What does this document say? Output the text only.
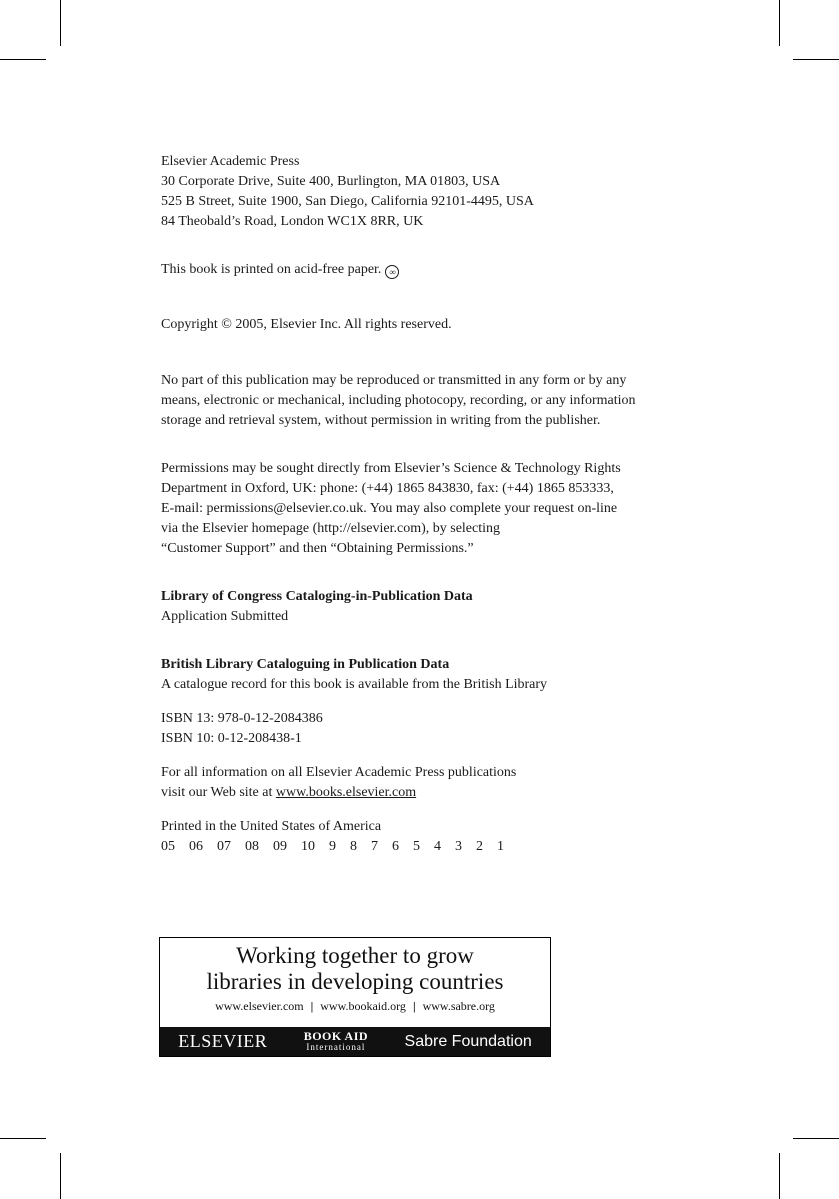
Elsevier Academic Press
30 Corporate Drive, Suite 400, Burlington, MA 01803, USA
525 B Street, Suite 1900, San Diego, California 92101-4495, USA
84 Theobald’s Road, London WC1X 8RR, UK
This book is printed on acid-free paper. ∞
Copyright © 2005, Elsevier Inc. All rights reserved.
No part of this publication may be reproduced or transmitted in any form or by any
means, electronic or mechanical, including photocopy, recording, or any information
storage and retrieval system, without permission in writing from the publisher.
Permissions may be sought directly from Elsevier’s Science & Technology Rights
Department in Oxford, UK: phone: (+44) 1865 843830, fax: (+44) 1865 853333,
E-mail: permissions@elsevier.co.uk. You may also complete your request on-line
via the Elsevier homepage (http://elsevier.com), by selecting
“Customer Support” and then “Obtaining Permissions.”
Library of Congress Cataloging-in-Publication Data
Application Submitted
British Library Cataloguing in Publication Data
A catalogue record for this book is available from the British Library
ISBN 13: 978-0-12-2084386
ISBN 10: 0-12-208438-1
For all information on all Elsevier Academic Press publications
visit our Web site at www.books.elsevier.com
Printed in the United States of America
05 06 07 08 09 10 9 8 7 6 5 4 3 2 1
Working together to grow
libraries in developing countries
www.elsevier.com | www.bookaid.org | www.sabre.org
ELSEVIER	BOOK AID
International Sabre Foundation
